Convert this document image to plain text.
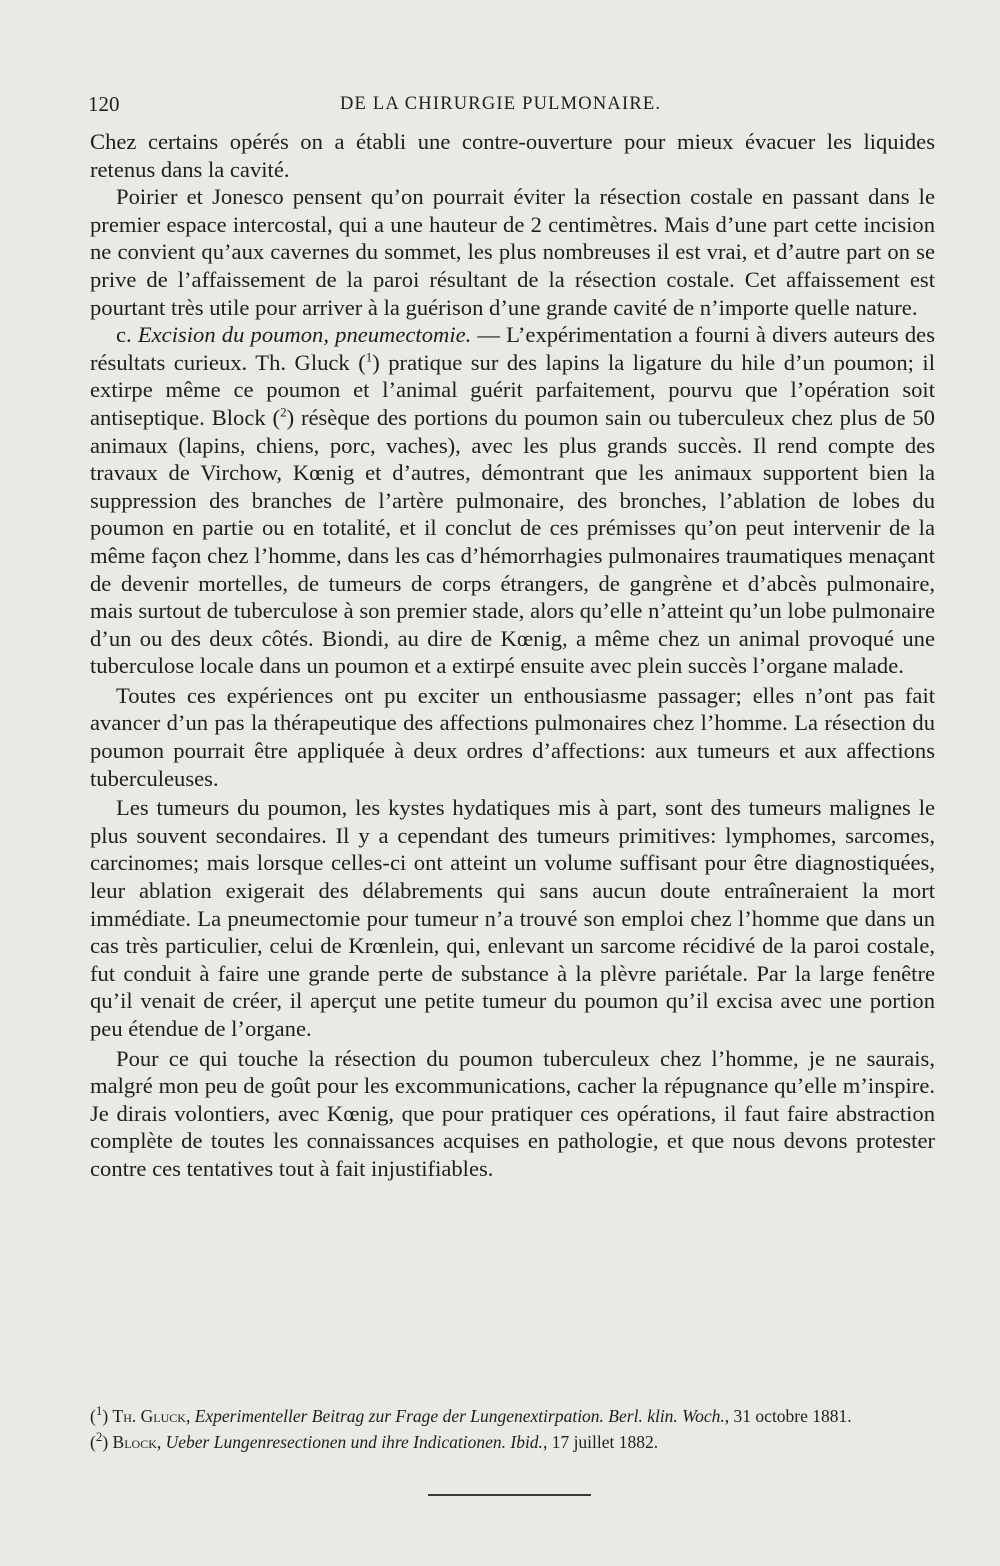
120	DE LA CHIRURGIE PULMONAIRE.

Chez certains opérés on a établi une contre-ouverture pour mieux évacuer les liquides retenus dans la cavité.

Poirier et Jonesco pensent qu’on pourrait éviter la résection costale en passant dans le premier espace intercostal, qui a une hauteur de 2 centimètres. Mais d’une part cette incision ne convient qu’aux cavernes du sommet, les plus nombreuses il est vrai, et d’autre part on se prive de l’affaissement de la paroi résultant de la résection costale. Cet affaissement est pourtant très utile pour arriver à la guérison d’une grande cavité de n’importe quelle nature.

c. Excision du poumon, pneumectomie. — L’expérimentation a fourni à divers auteurs des résultats curieux. Th. Gluck ($^1$) pratique sur des lapins la ligature du hile d’un poumon; il extirpe même ce poumon et l’animal guérit parfaitement, pourvu que l’opération soit antiseptique. Block ($^2$) résèque des portions du poumon sain ou tuberculeux chez plus de 50 animaux (lapins, chiens, porc, vaches), avec les plus grands succès. Il rend compte des travaux de Virchow, Kœnig et d’autres, démontrant que les animaux supportent bien la suppression des branches de l’artère pulmonaire, des bronches, l’ablation de lobes du poumon en partie ou en totalité, et il conclut de ces prémisses qu’on peut intervenir de la même façon chez l’homme, dans les cas d’hémorrhagies pulmonaires traumatiques menaçant de devenir mortelles, de tumeurs de corps étrangers, de gangrène et d’abcès pulmonaire, mais surtout de tuberculose à son premier stade, alors qu’elle n’atteint qu’un lobe pulmonaire d’un ou des deux côtés. Biondi, au dire de Kœnig, a même chez un animal provoqué une tuberculose locale dans un poumon et a extirpé ensuite avec plein succès l’organe malade.

Toutes ces expériences ont pu exciter un enthousiasme passager; elles n’ont pas fait avancer d’un pas la thérapeutique des affections pulmonaires chez l’homme. La résection du poumon pourrait être appliquée à deux ordres d’affections: aux tumeurs et aux affections tuberculeuses.

Les tumeurs du poumon, les kystes hydatiques mis à part, sont des tumeurs malignes le plus souvent secondaires. Il y a cependant des tumeurs primitives: lymphomes, sarcomes, carcinomes; mais lorsque celles-ci ont atteint un volume suffisant pour être diagnostiquées, leur ablation exigerait des délabrements qui sans aucun doute entraîneraient la mort immédiate. La pneumectomie pour tumeur n’a trouvé son emploi chez l’homme que dans un cas très particulier, celui de Krœnlein, qui, enlevant un sarcome récidivé de la paroi costale, fut conduit à faire une grande perte de substance à la plèvre pariétale. Par la large fenêtre qu’il venait de créer, il aperçut une petite tumeur du poumon qu’il excisa avec une portion peu étendue de l’organe.

Pour ce qui touche la résection du poumon tuberculeux chez l’homme, je ne saurais, malgré mon peu de goût pour les excommunications, cacher la répugnance qu’elle m’inspire. Je dirais volontiers, avec Kœnig, que pour pratiquer ces opérations, il faut faire abstraction complète de toutes les connaissances acquises en pathologie, et que nous devons protester contre ces tentatives tout à fait injustifiables.

($^1$) Th. Gluck, Experimenteller Beitrag zur Frage der Lungenextirpation. Berl. klin. Woch., 31 octobre 1881.

($^2$) Block, Ueber Lungenresectionen und ihre Indicationen. Ibid., 17 juillet 1882.
